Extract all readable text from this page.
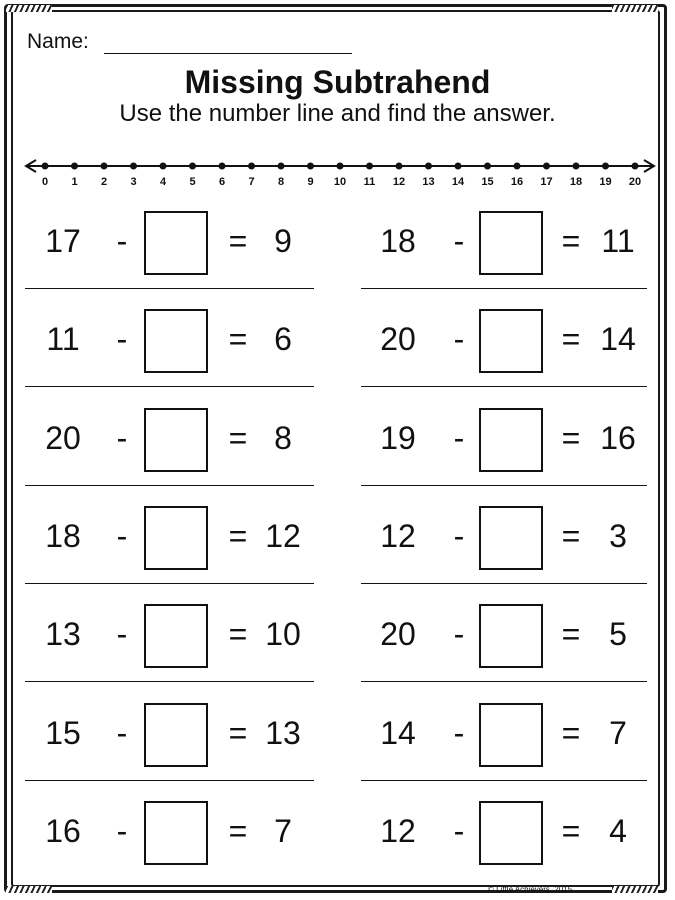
Name:
Missing Subtrahend
Use the number line and find the answer.
0 1 2 3 4 5 6 7 8 9 10 11 12 13 14 15 16 17 18 19 20
17	-	= 9
11	-	= 6
20	-	= 8
18	-	= 12
13	-	= 10
15	-	= 13
16	-	= 7
18	-	= 11
20	-	= 14
19	-	= 16
12	-	= 3
20	-	= 5
14	-	= 7
12	-	= 4
© Little Achievers, 2015
